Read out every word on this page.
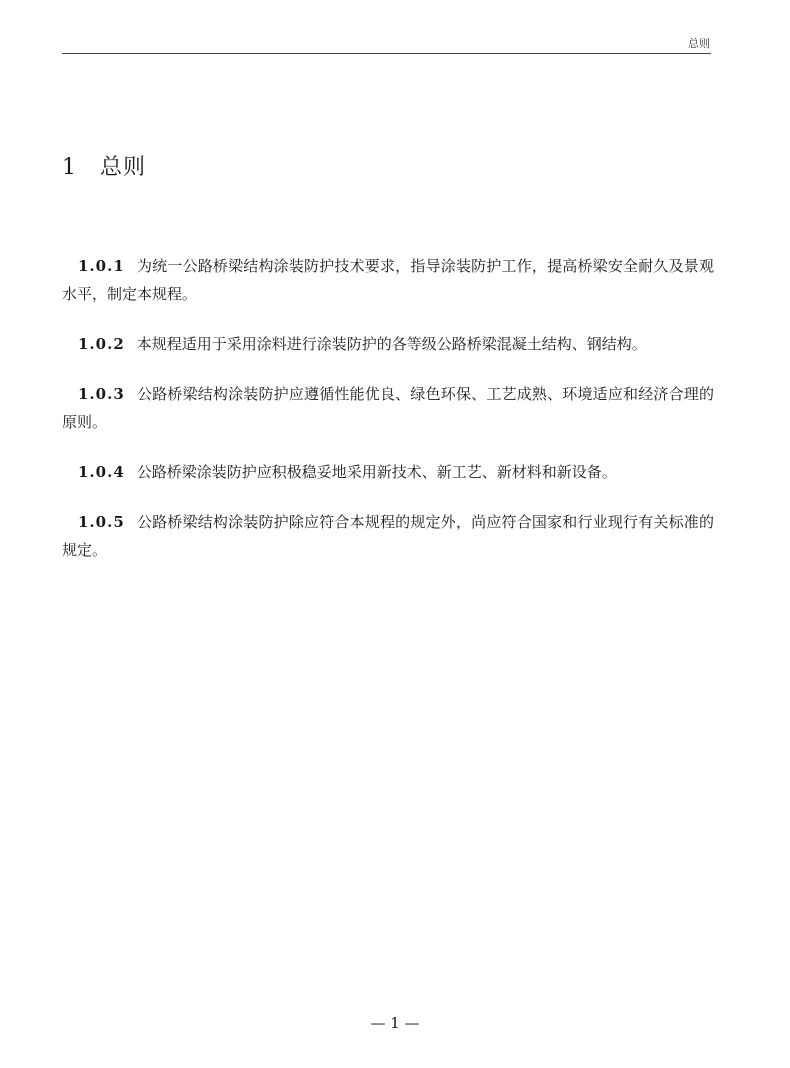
总则
1 总则

1.0.1 为统一公路桥梁结构涂装防护技术要求，指导涂装防护工作，提高桥梁安全耐久及景观水平，制定本规程。

1.0.2 本规程适用于采用涂料进行涂装防护的各等级公路桥梁混凝土结构、钢结构。

1.0.3 公路桥梁结构涂装防护应遵循性能优良、绿色环保、工艺成熟、环境适应和经济合理的原则。

1.0.4 公路桥梁涂装防护应积极稳妥地采用新技术、新工艺、新材料和新设备。

1.0.5 公路桥梁结构涂装防护除应符合本规程的规定外，尚应符合国家和行业现行有关标准的规定。

— 1 —
